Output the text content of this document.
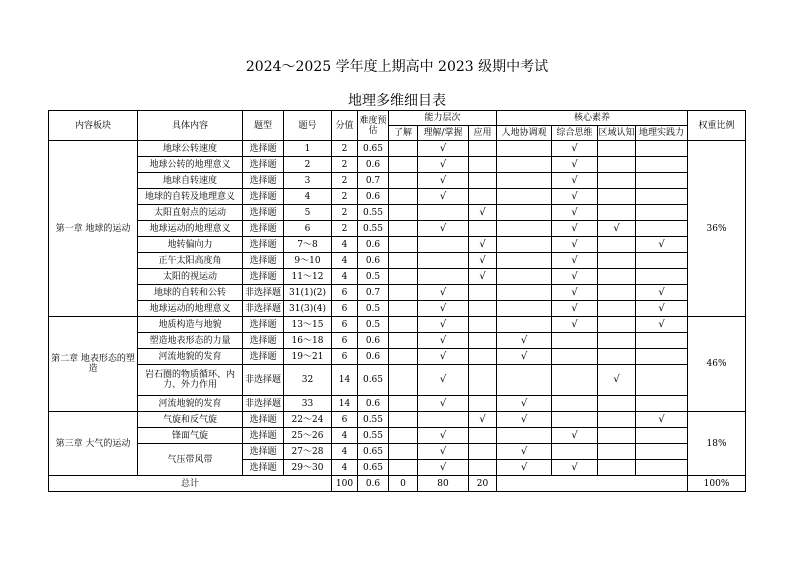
2024～2025 学年度上期高中 2023 级期中考试
地理多维细目表
内容板块	具体内容	题型	题号	分值	难度预估	能力层次			核心素养				权重比例
						了解	理解/掌握	应用	人地协调观	综合思维	区域认知	地理实践力	
第一章 地球的运动	地球公转速度	选择题	1	2	0.65		√			√			36%
	地球公转的地理意义	选择题	2	2	0.6		√			√			
	地球自转速度	选择题	3	2	0.7		√			√			
	地球的自转及地理意义	选择题	4	2	0.6		√			√			
	太阳直射点的运动	选择题	5	2	0.55			√		√			
	地球运动的地理意义	选择题	6	2	0.55		√			√	√		
	地转偏向力	选择题	7～8	4	0.6			√		√		√	
	正午太阳高度角	选择题	9～10	4	0.6			√		√			
	太阳的视运动	选择题	11～12	4	0.5			√		√			
	地球的自转和公转	非选择题	31(1)(2)	6	0.7		√			√		√	
	地球运动的地理意义	非选择题	31(3)(4)	6	0.5		√			√		√	
第二章 地表形态的塑造	地质构造与地貌	选择题	13～15	6	0.5		√			√		√	46%
	塑造地表形态的力量	选择题	16～18	6	0.6		√		√				
	河流地貌的发育	选择题	19～21	6	0.6		√		√				
	岩石圈的物质循环、内力、外力作用	非选择题	32	14	0.65		√				√		
	河流地貌的发育	非选择题	33	14	0.6		√		√				
第三章 大气的运动	气旋和反气旋	选择题	22～24	6	0.55			√	√			√	18%
	锋面气旋	选择题	25～26	4	0.55		√			√			
	气压带风带	选择题	27～28	4	0.65		√		√				
		选择题	29～30	4	0.65		√		√	√			
总计				100	0.6	0	80	20					100%
